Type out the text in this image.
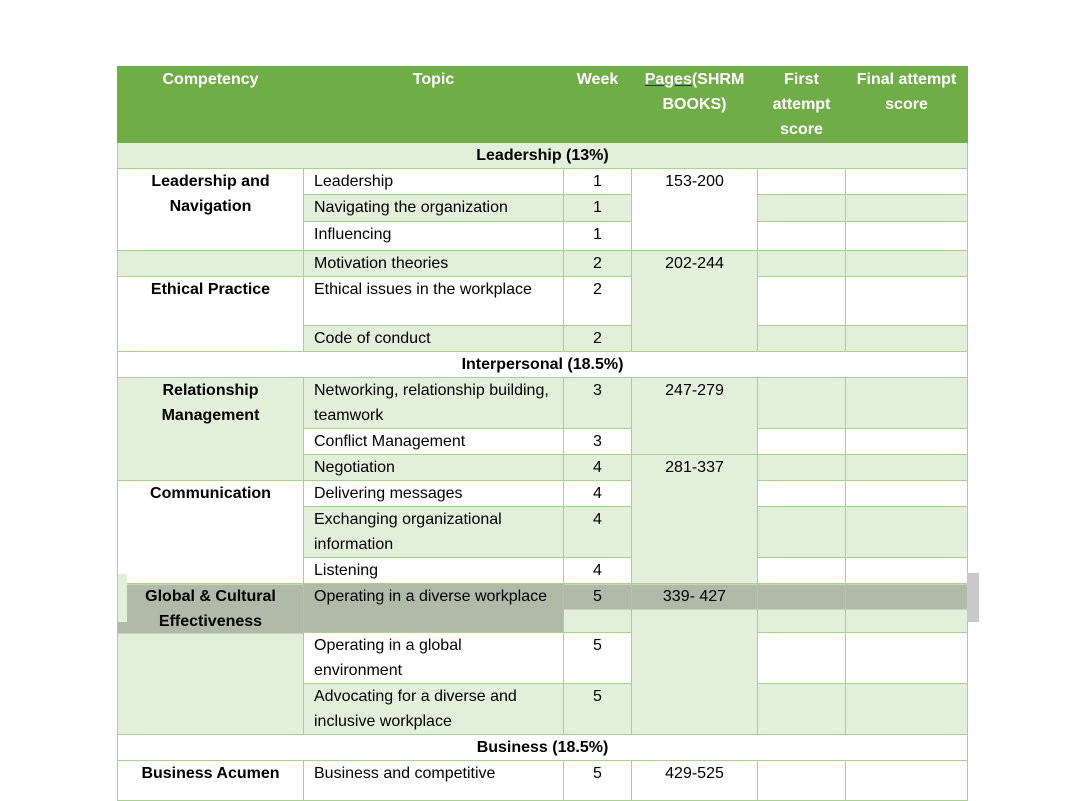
Competency	Topic	Week	Pages(SHRM BOOKS)	First attempt score	Final attempt score
Leadership (13%)					
Leadership and Navigation	Leadership	1	153-200		
	Navigating the organization	1			
	Influencing	1			
	Motivation theories	2	202-244		
Ethical Practice	Ethical issues in the workplace	2			
	Code of conduct	2			
Interpersonal (18.5%)					
Relationship Management	Networking, relationship building, teamwork	3	247-279		
	Conflict Management	3			
	Negotiation	4	281-337		
Communication	Delivering messages	4			
	Exchanging organizational information	4			
	Listening	4			
Global & Cultural Effectiveness	Operating in a diverse workplace	5	339- 427		
	Operating in a global environment	5			
	Advocating for a diverse and inclusive workplace	5			
Business (18.5%)					
Business Acumen	Business and competitive	5	429-525		
